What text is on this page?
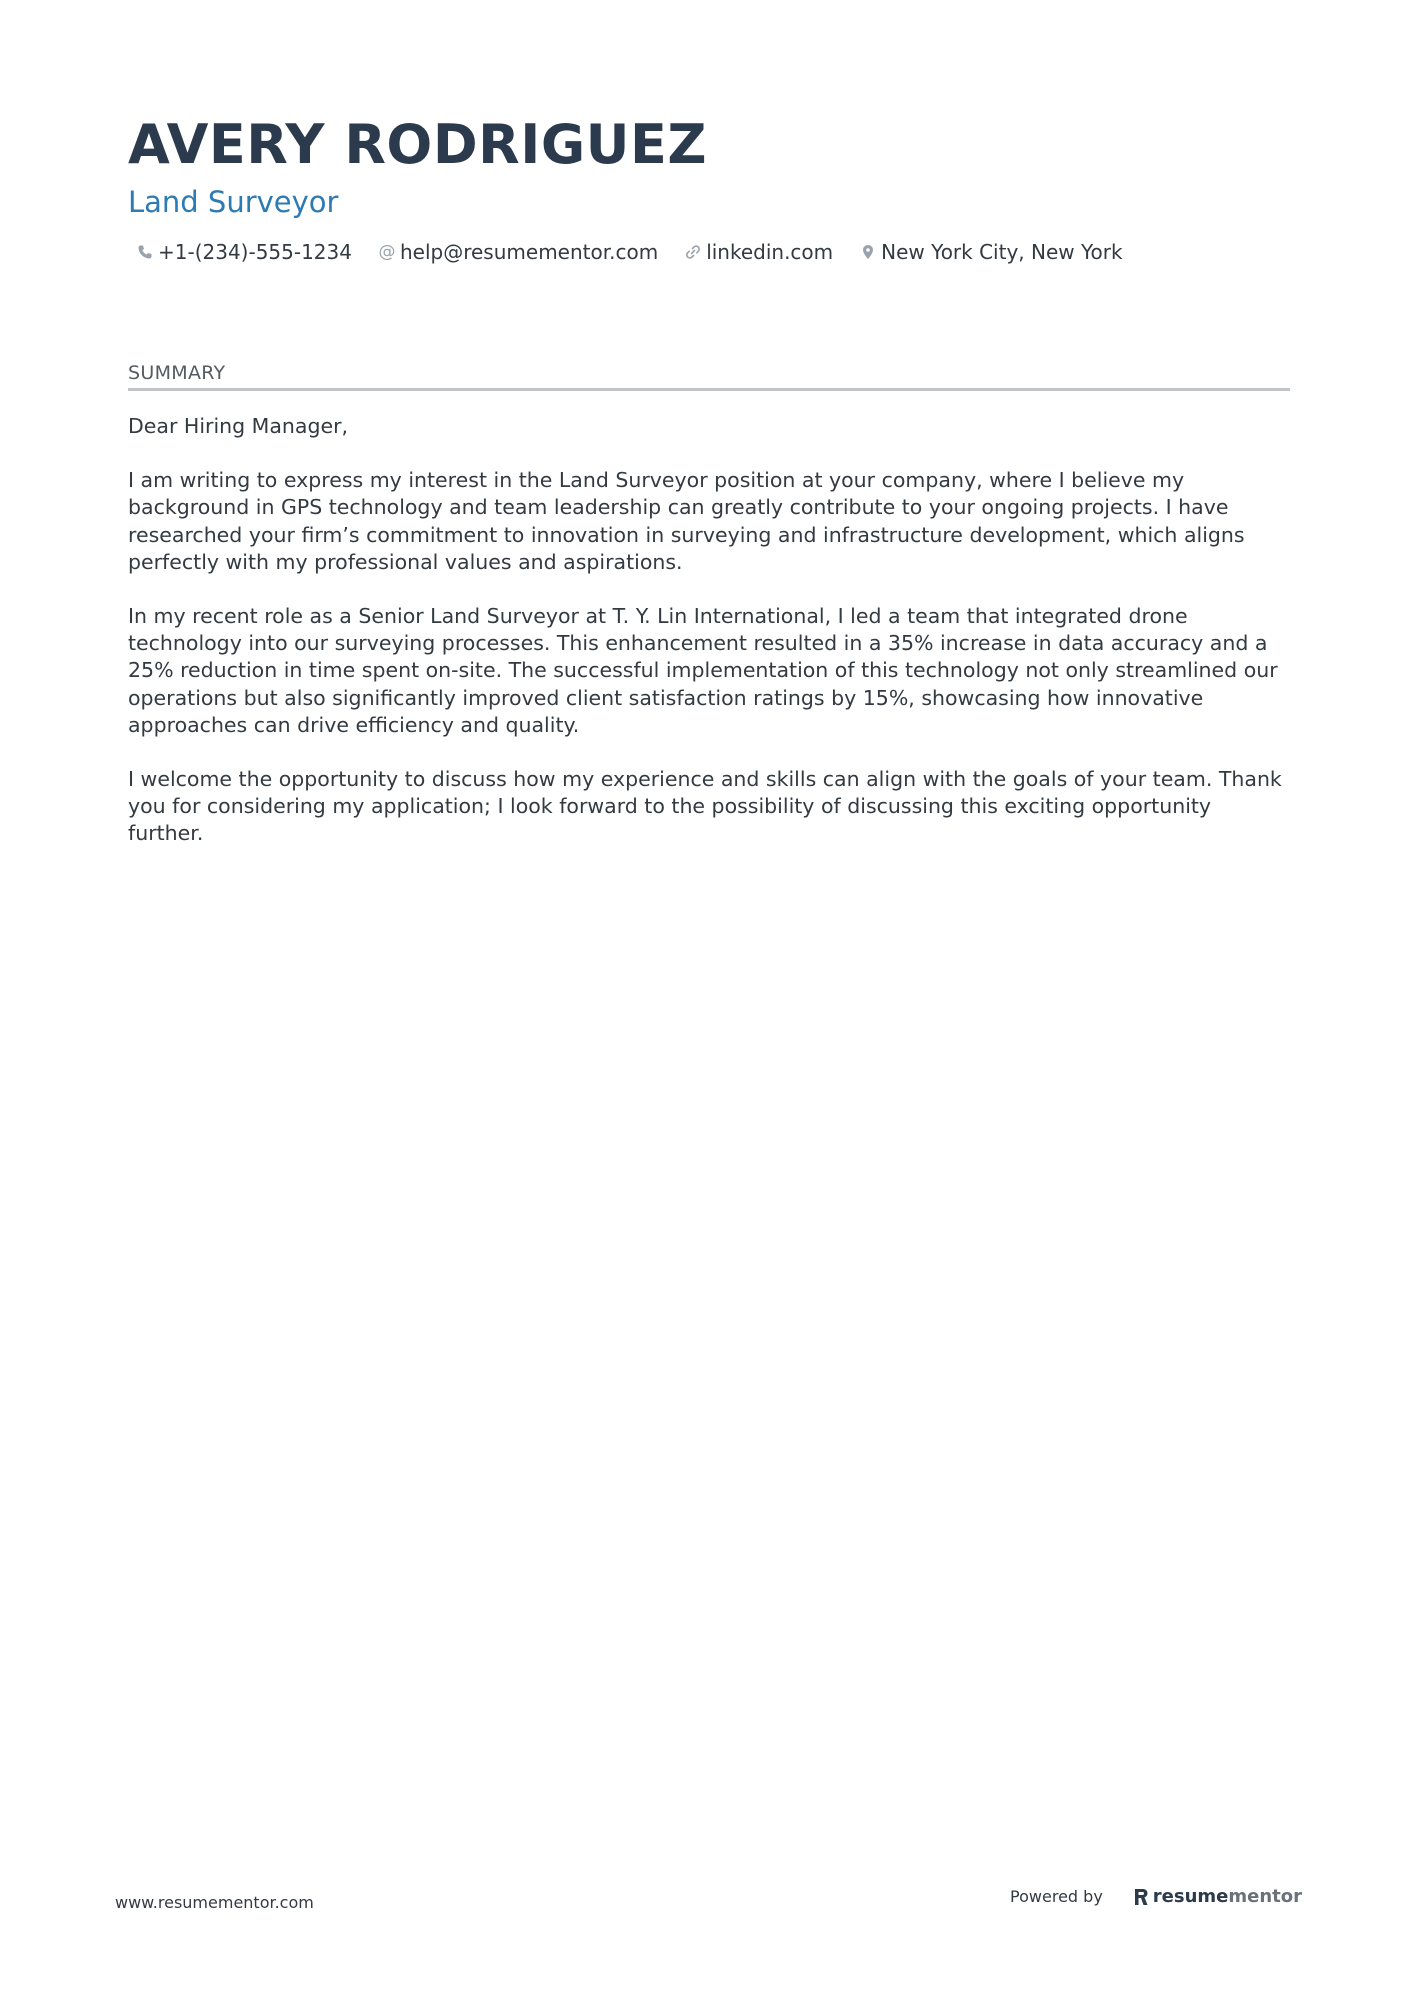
AVERY RODRIGUEZ
Land Surveyor
+1-(234)-555-1234 @ help@resumementor.com linkedin.com New York City, New York
SUMMARY

Dear Hiring Manager,

I am writing to express my interest in the Land Surveyor position at your company, where I believe my background in GPS technology and team leadership can greatly contribute to your ongoing projects. I have researched your firm’s commitment to innovation in surveying and infrastructure development, which aligns perfectly with my professional values and aspirations.

In my recent role as a Senior Land Surveyor at T. Y. Lin International, I led a team that integrated drone technology into our surveying processes. This enhancement resulted in a 35% increase in data accuracy and a 25% reduction in time spent on-site. The successful implementation of this technology not only streamlined our operations but also significantly improved client satisfaction ratings by 15%, showcasing how innovative approaches can drive efficiency and quality.

I welcome the opportunity to discuss how my experience and skills can align with the goals of your team. Thank you for considering my application; I look forward to the possibility of discussing this exciting opportunity further.

www.resumementor.com	Powered by	resume mentor
